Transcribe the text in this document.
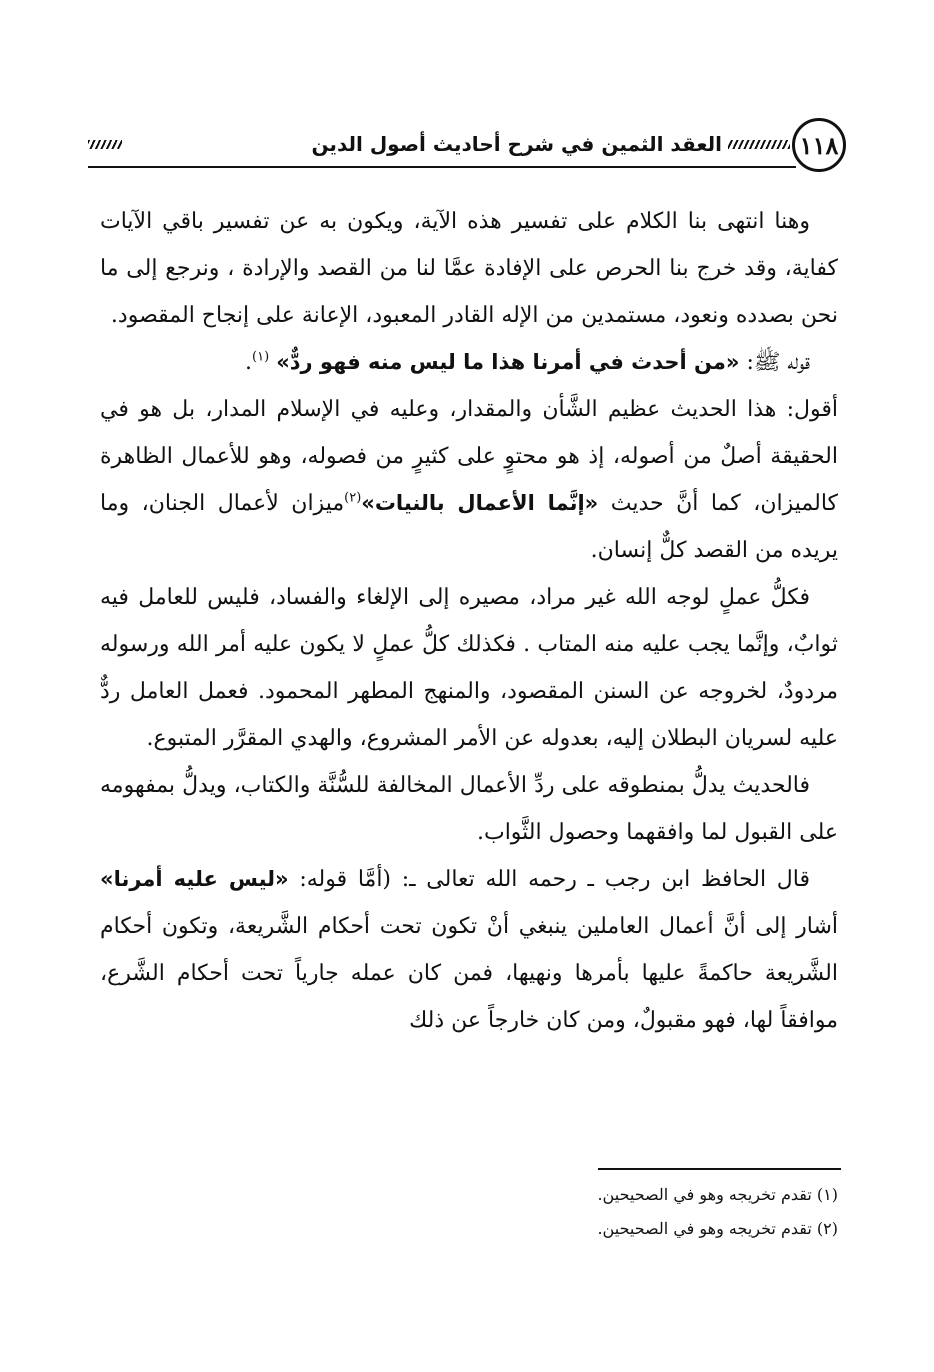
العقد الثمين في شرح أحاديث أصول الدين	١١٨

وهنا انتهى بنا الكلام على تفسير هذه الآية، ويكون به عن تفسير باقي الآيات كفاية، وقد خرج بنا الحرص على الإفادة عمَّا لنا من القصد والإرادة ، ونرجع إلى ما نحن بصدده ونعود، مستمدين من الإله القادر المعبود، الإعانة على إنجاح المقصود.

قوله ﷺ: «من أحدث في أمرنا هذا ما ليس منه فهو ردٌّ» $^{(١)}$.

أقول: هذا الحديث عظيم الشَّأن والمقدار، وعليه في الإسلام المدار، بل هو في الحقيقة أصلٌ من أصوله، إذ هو محتوٍ على كثيرٍ من فصوله، وهو للأعمال الظاهرة كالميزان، كما أنَّ حديث «إنَّما الأعمال بالنيات»$^{(٢)}$ميزان لأعمال الجنان، وما يريده من القصد كلٌّ إنسان.

فكلُّ عملٍ لوجه الله غير مراد، مصيره إلى الإلغاء والفساد، فليس للعامل فيه ثوابٌ، وإنَّما يجب عليه منه المتاب . فكذلك كلُّ عملٍ لا يكون عليه أمر الله ورسوله مردودٌ، لخروجه عن السنن المقصود، والمنهج المطهر المحمود. فعمل العامل ردٌّ عليه لسريان البطلان إليه، بعدوله عن الأمر المشروع، والهدي المقرَّر المتبوع.

فالحديث يدلُّ بمنطوقه على ردِّ الأعمال المخالفة للسُّنَّة والكتاب، ويدلُّ بمفهومه على القبول لما وافقهما وحصول الثَّواب.

قال الحافظ ابن رجب ـ رحمه الله تعالى ـ: (أمَّا قوله: «ليس عليه أمرنا» أشار إلى أنَّ أعمال العاملين ينبغي أنْ تكون تحت أحكام الشَّريعة، وتكون أحكام الشَّريعة حاكمةً عليها بأمرها ونهيها، فمن كان عمله جارياً تحت أحكام الشَّرع، موافقاً لها، فهو مقبولٌ، ومن كان خارجاً عن ذلك

(١) تقدم تخريجه وهو في الصحيحين.
(٢) تقدم تخريجه وهو في الصحيحين.
